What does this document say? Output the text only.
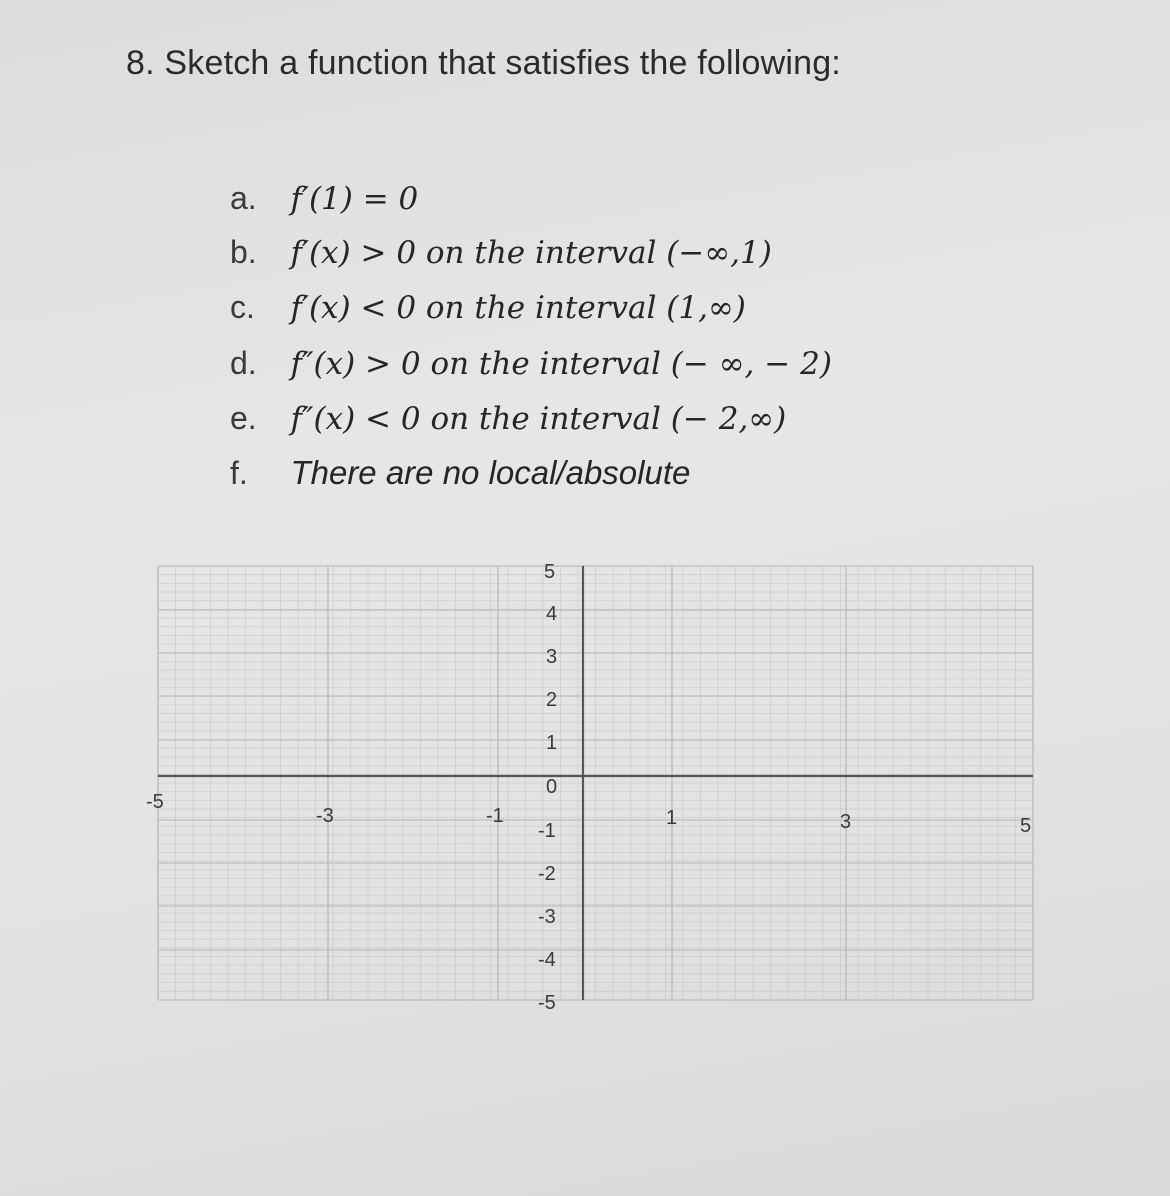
8. Sketch a function that satisfies the following:
a. f′(1) = 0
b. f′(x) > 0 on the interval (−∞,1)
c. f′(x) < 0 on the interval (1,∞)
d. f″(x) > 0 on the interval (− ∞, − 2)
e. f″(x) < 0 on the interval (− 2,∞)
f. There are no local/absolute
-5
-3	-1	1	3	5
5
4
3
2
1
0
-1
-2
-3
-4
-5
